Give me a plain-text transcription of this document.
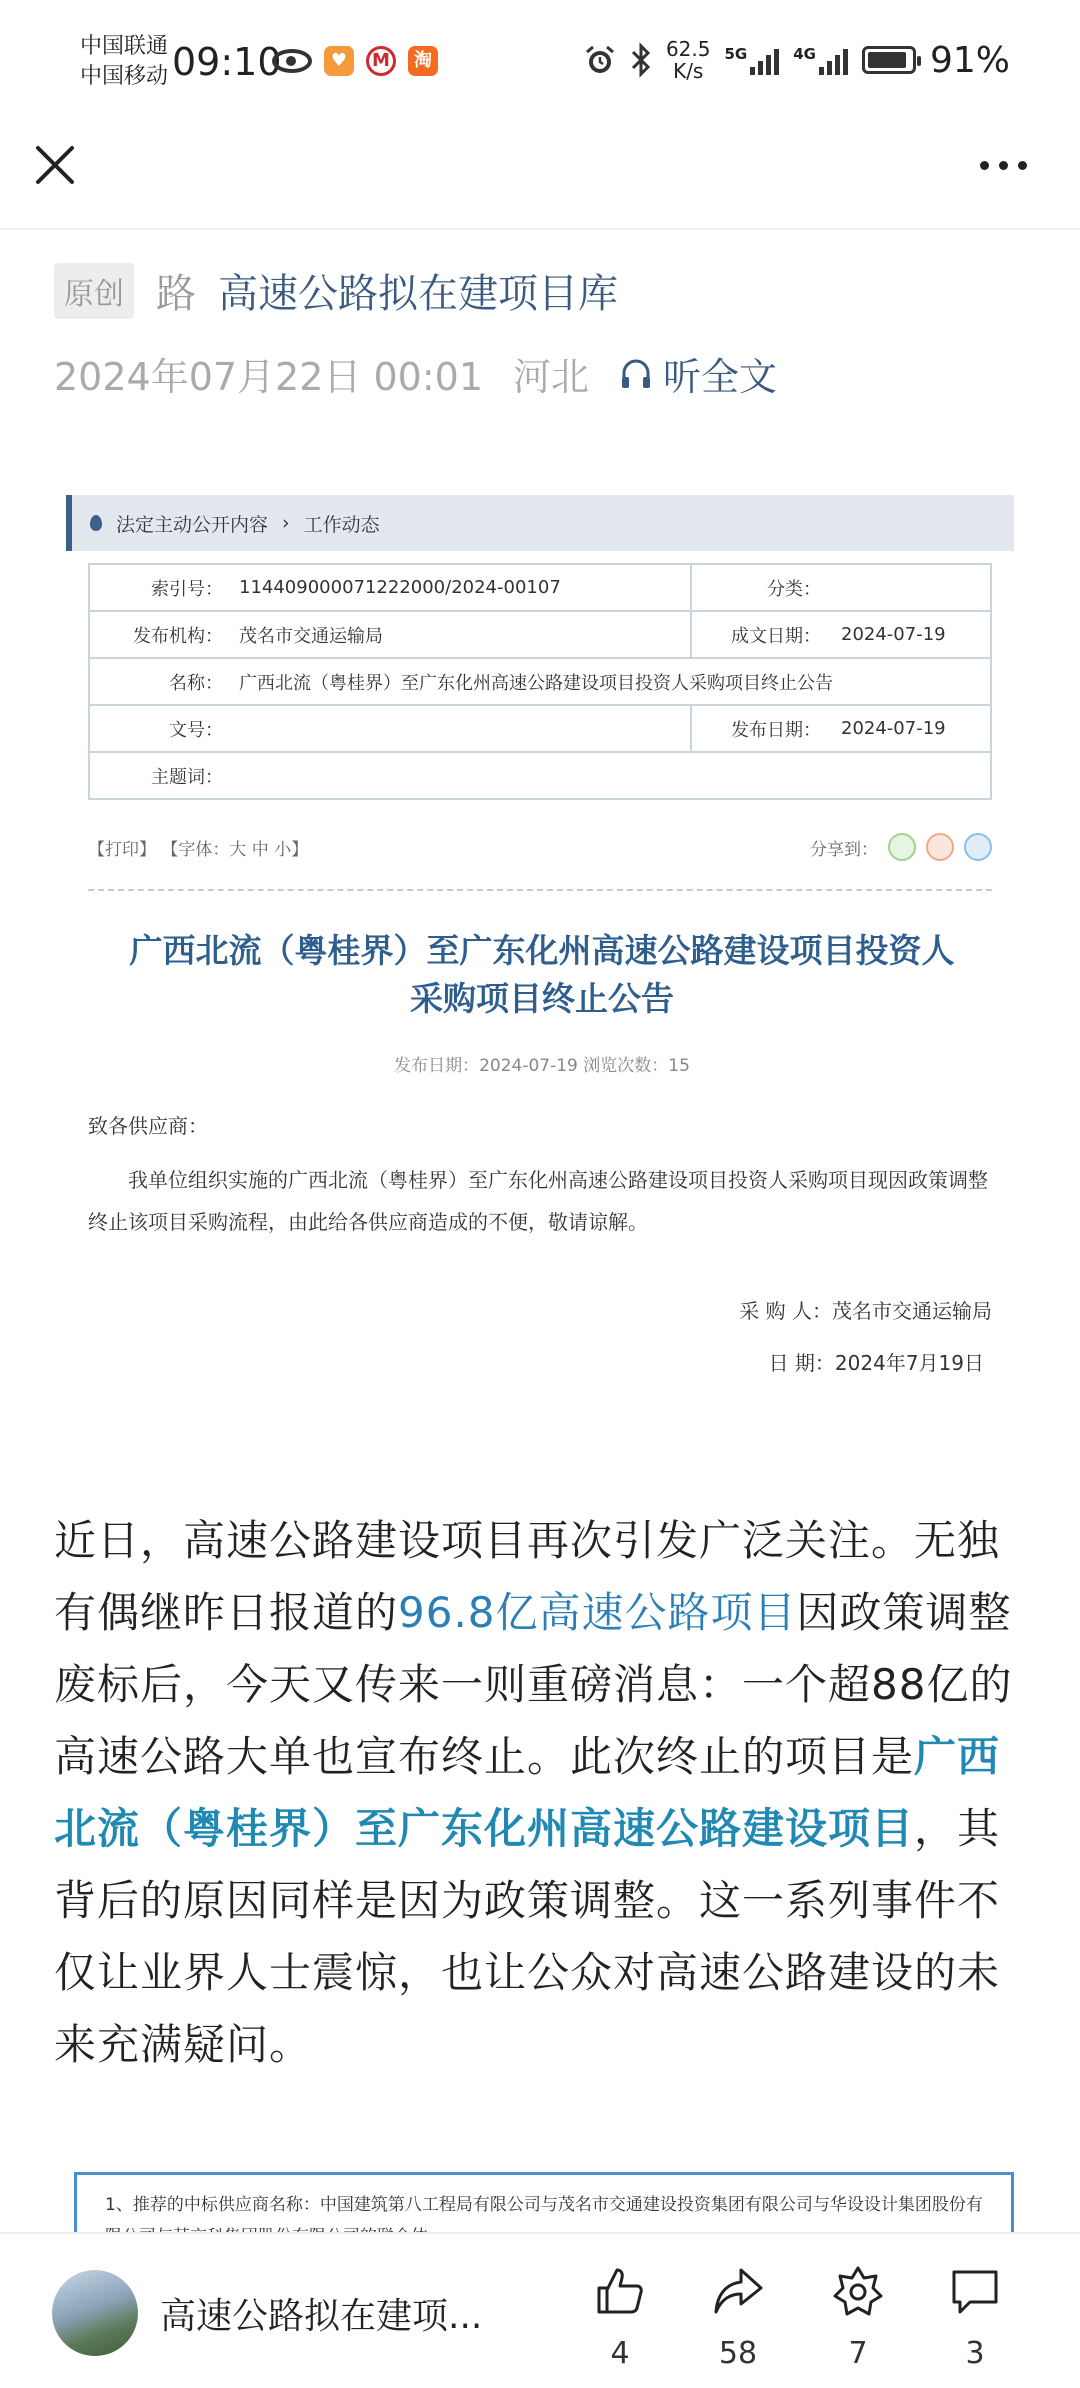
中国联通
中国移动 09:10	♥	M	淘	62.5
K/s
5G	4G	91%
原创 路 高速公路拟在建项目库
2024年07月22日 00:01 河北 听全文
法定主动公开内容 › 工作动态
索引号：	114409000071222000/2024-00107	分类：	
发布机构：	茂名市交通运输局	成文日期：	2024-07-19
名称：	广西北流（粤桂界）至广东化州高速公路建设项目投资人采购项目终止公告		
文号：		发布日期：	2024-07-19
主题词：			
【打印】 【字体：大 中 小】	分享到：
广西北流（粤桂界）至广东化州高速公路建设项目投资人
采购项目终止公告
发布日期：2024-07-19 浏览次数：15

致各供应商：

我单位组织实施的广西北流（粤桂界）至广东化州高速公路建设项目投资人采购项目现因政策调整终止该项目采购流程，由此给各供应商造成的不便，敬请谅解。

采 购 人：茂名市交通运输局
日 期：2024年7月19日
近日，高速公路建设项目再次引发广泛关注。无独有偶继昨日报道的96.8亿高速公路项目因政策调整废标后，今天又传来一则重磅消息：一个超88亿的高速公路大单也宣布终止。此次终止的项目是广西北流（粤桂界）至广东化州高速公路建设项目，其背后的原因同样是因为政策调整。这一系列事件不仅让业界人士震惊，也让公众对高速公路建设的未来充满疑问。
1、推荐的中标供应商名称：中国建筑第八工程局有限公司与茂名市交通建设投资集团有限公司与华设设计集团股份有
高速公路拟在建项...
4	58	7	3
